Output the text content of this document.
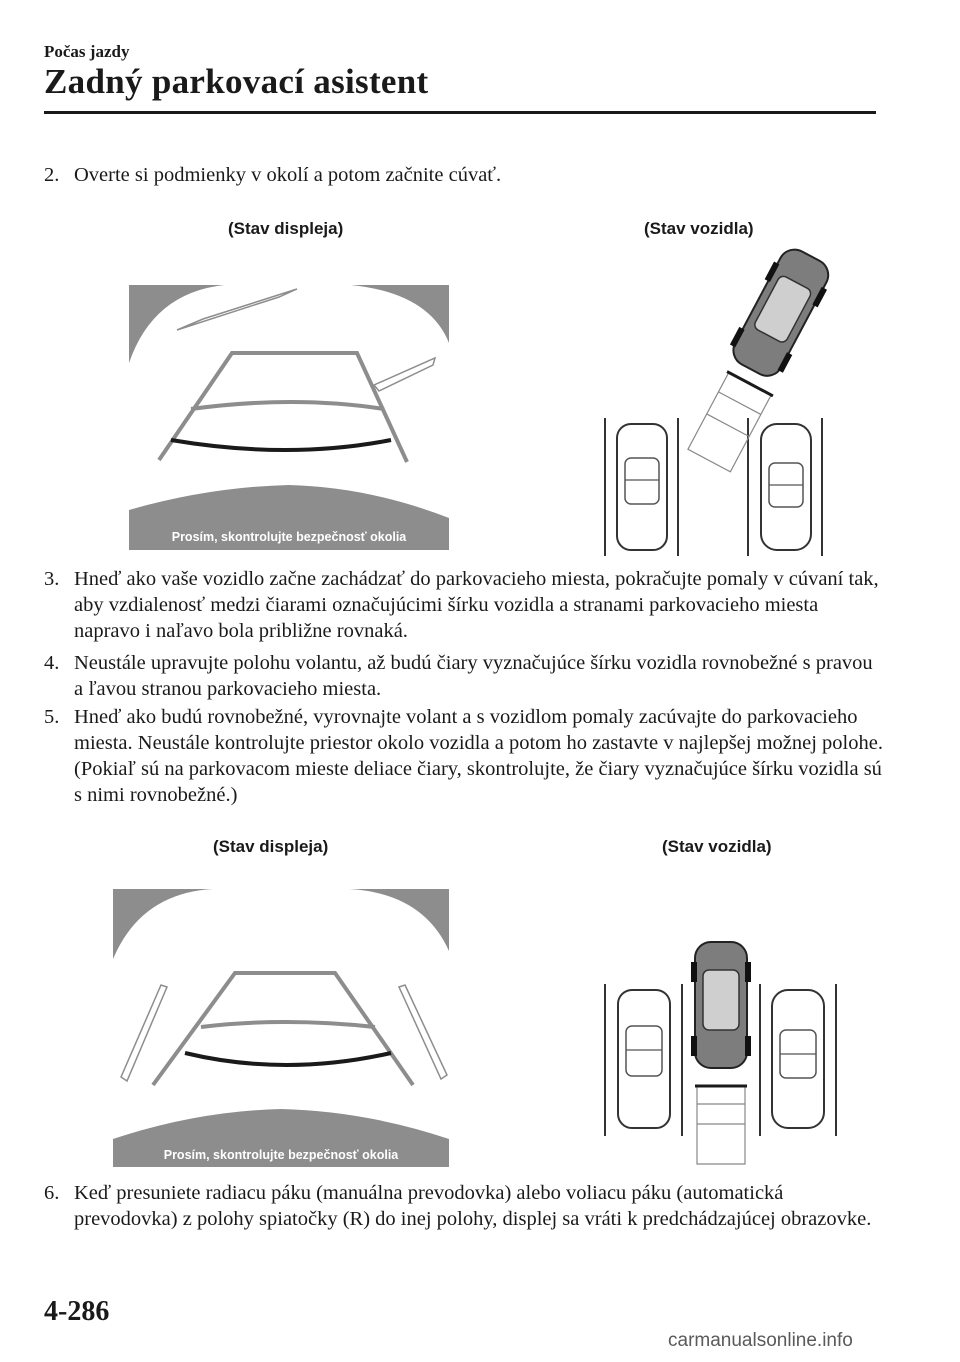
Počas jazdy
Zadný parkovací asistent
2. Overte si podmienky v okolí a potom začnite cúvať.
(Stav displeja)	(Stav vozidla)
Prosím, skontrolujte bezpečnosť okolia
3. Hneď ako vaše vozidlo začne zachádzať do parkovacieho miesta, pokračujte pomaly v cúvaní tak, aby vzdialenosť medzi čiarami označujúcimi šírku vozidla a stranami parkovacieho miesta napravo i naľavo bola približne rovnaká.
4. Neustále upravujte polohu volantu, až budú čiary vyznačujúce šírku vozidla rovnobežné s pravou a ľavou stranou parkovacieho miesta.
5. Hneď ako budú rovnobežné, vyrovnajte volant a s vozidlom pomaly zacúvajte do parkovacieho miesta. Neustále kontrolujte priestor okolo vozidla a potom ho zastavte v najlepšej možnej polohe. (Pokiaľ sú na parkovacom mieste deliace čiary, skontrolujte, že čiary vyznačujúce šírku vozidla sú s nimi rovnobežné.)
(Stav displeja)	(Stav vozidla)
Prosím, skontrolujte bezpečnosť okolia
6. Keď presuniete radiacu páku (manuálna prevodovka) alebo voliacu páku (automatická prevodovka) z polohy spiatočky (R) do inej polohy, displej sa vráti k predchádzajúcej obrazovke.
4-286
carmanualsonline.info
